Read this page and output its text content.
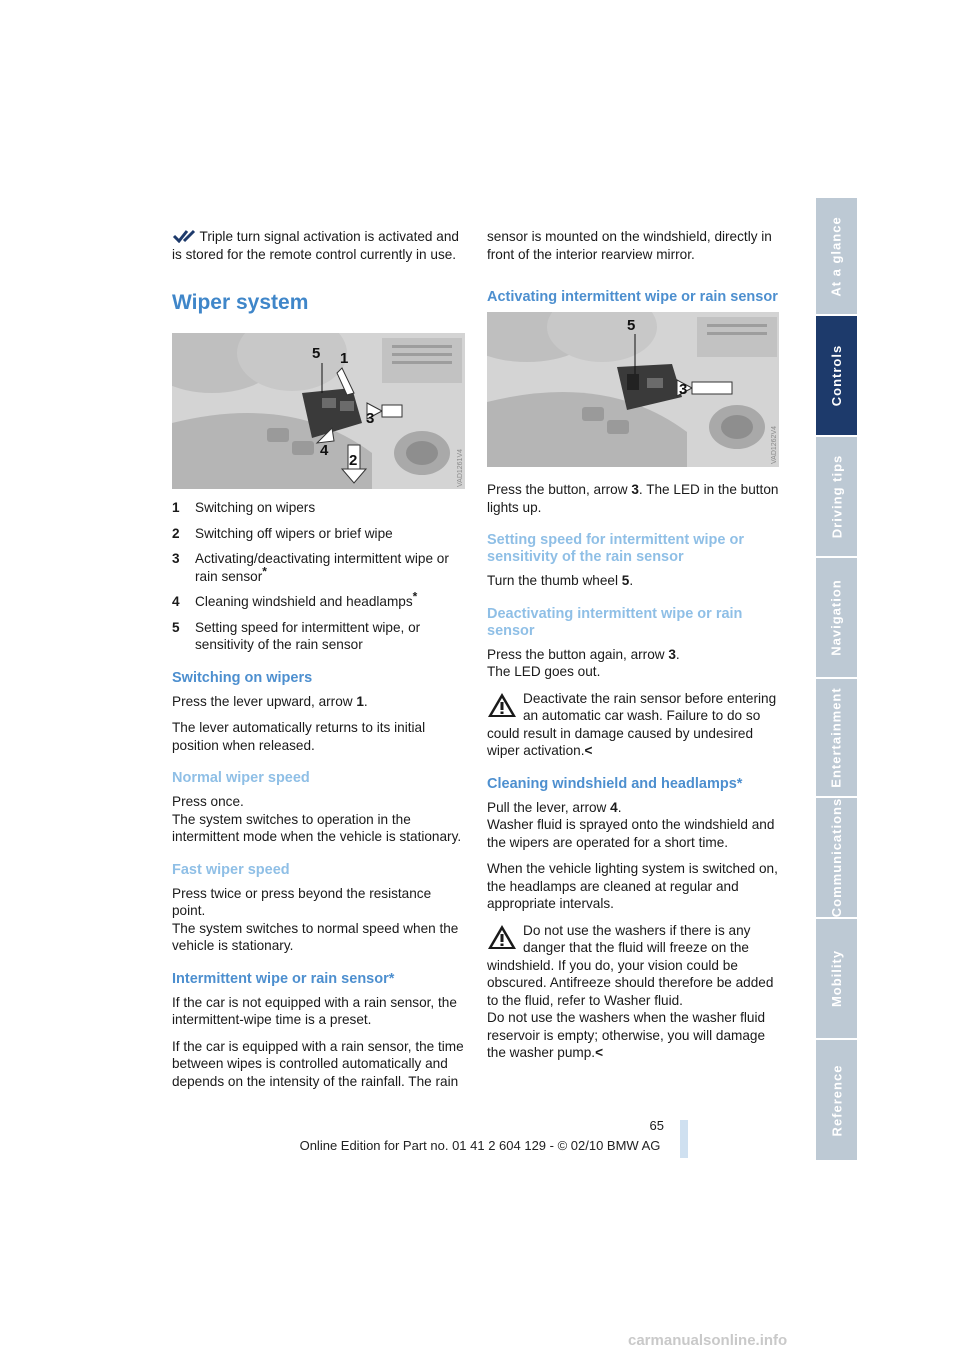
Triple turn signal activation is activated and is stored for the remote control currently in use.

Wiper system
5 1
3
4
2	VAD1261V4
1 Switching on wipers
2 Switching off wipers or brief wipe
3 Activating/deactivating intermittent wipe or rain sensor*
4 Cleaning windshield and headlamps*
5 Setting speed for intermittent wipe, or sensitivity of the rain sensor
Switching on wipers

Press the lever upward, arrow 1.

The lever automatically returns to its initial position when released.

Normal wiper speed

Press once.

The system switches to operation in the intermittent mode when the vehicle is stationary.

Fast wiper speed

Press twice or press beyond the resistance point.

The system switches to normal speed when the vehicle is stationary.

Intermittent wipe or rain sensor*

If the car is not equipped with a rain sensor, the intermittent-wipe time is a preset.

If the car is equipped with a rain sensor, the time between wipes is controlled automatically and depends on the intensity of the rainfall. The rain

sensor is mounted on the windshield, directly in front of the interior rearview mirror.

Activating intermittent wipe or rain sensor
5
3
VAD1262V4

Press the button, arrow 3. The LED in the button lights up.

Setting speed for intermittent wipe or sensitivity of the rain sensor

Turn the thumb wheel 5.

Deactivating intermittent wipe or rain sensor

Press the button again, arrow 3.

The LED goes out.

Deactivate the rain sensor before entering an automatic car wash. Failure to do so could result in damage caused by undesired wiper activation.<

Cleaning windshield and headlamps*

Pull the lever, arrow 4.

Washer fluid is sprayed onto the windshield and the wipers are operated for a short time.

When the vehicle lighting system is switched on, the headlamps are cleaned at regular and appropriate intervals.

Do not use the washers if there is any danger that the fluid will freeze on the windshield. If you do, your vision could be obscured. Antifreeze should therefore be added to the fluid, refer to Washer fluid.

Do not use the washers when the washer fluid reservoir is empty; otherwise, you will damage the washer pump.<

At a glance
Controls
Driving tips
Navigation
Entertainment
Communications
Mobility
Reference
65
Online Edition for Part no. 01 41 2 604 129 - © 02/10 BMW AG
carmanualsonline.info
